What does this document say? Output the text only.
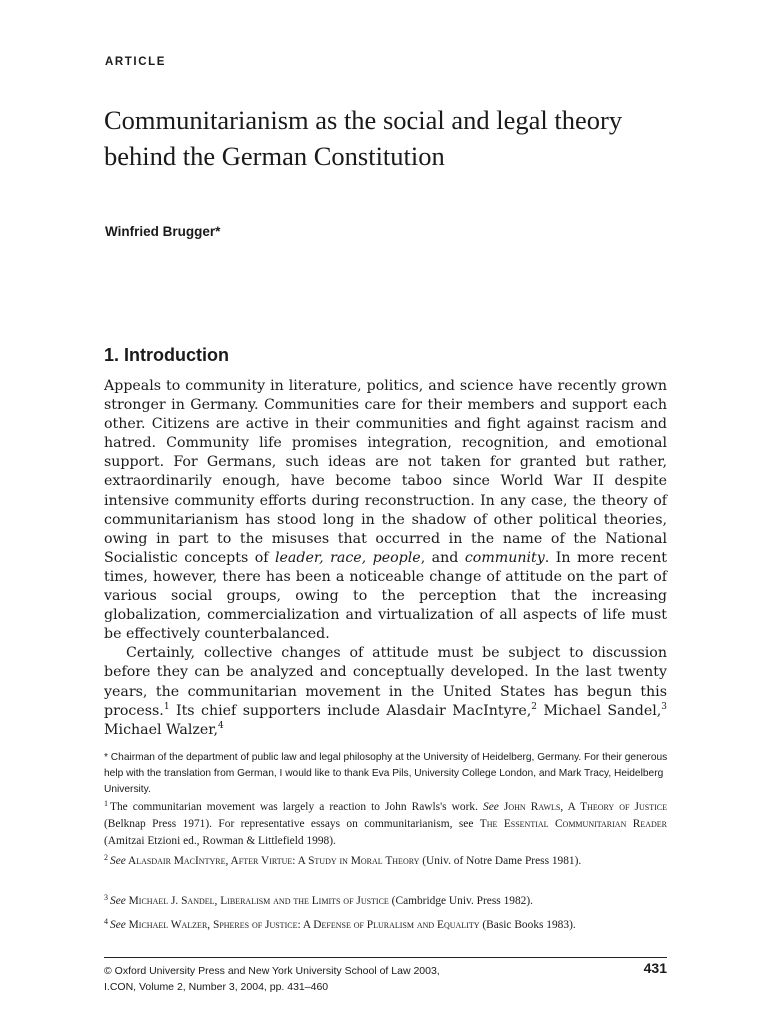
ARTICLE
Communitarianism as the social and legal theory behind the German Constitution
Winfried Brugger*
1. Introduction

Appeals to community in literature, politics, and science have recently grown stronger in Germany. Communities care for their members and support each other. Citizens are active in their communities and fight against racism and hatred. Community life promises integration, recognition, and emotional support. For Germans, such ideas are not taken for granted but rather, extraordinarily enough, have become taboo since World War II despite intensive community efforts during reconstruction. In any case, the theory of communitarianism has stood long in the shadow of other political theories, owing in part to the misuses that occurred in the name of the National Socialistic concepts of leader, race, people, and community. In more recent times, however, there has been a noticeable change of attitude on the part of various social groups, owing to the perception that the increasing globalization, commercialization and virtualization of all aspects of life must be effectively counterbalanced.

Certainly, collective changes of attitude must be subject to discussion before they can be analyzed and conceptually developed. In the last twenty years, the communitarian movement in the United States has begun this process.$^1$ Its chief supporters include Alasdair MacIntyre,$^2$ Michael Sandel,$^3$ Michael Walzer,$^4$

* Chairman of the department of public law and legal philosophy at the University of Heidelberg, Germany. For their generous help with the translation from German, I would like to thank Eva Pils, University College London, and Mark Tracy, Heidelberg University.
$^1$ The communitarian movement was largely a reaction to John Rawls's work. See John Rawls, A Theory of Justice (Belknap Press 1971). For representative essays on communitarianism, see The Essential Communitarian Reader (Amitzai Etzioni ed., Rowman & Littlefield 1998).
$^2$ See Alasdair MacIntyre, After Virtue: A Study in Moral Theory (Univ. of Notre Dame Press 1981).
$^3$ See Michael J. Sandel, Liberalism and the Limits of Justice (Cambridge Univ. Press 1982).
$^4$ See Michael Walzer, Spheres of Justice: A Defense of Pluralism and Equality (Basic Books 1983).
© Oxford University Press and New York University School of Law 2003,
I.CON, Volume 2, Number 3, 2004, pp. 431–460
431
